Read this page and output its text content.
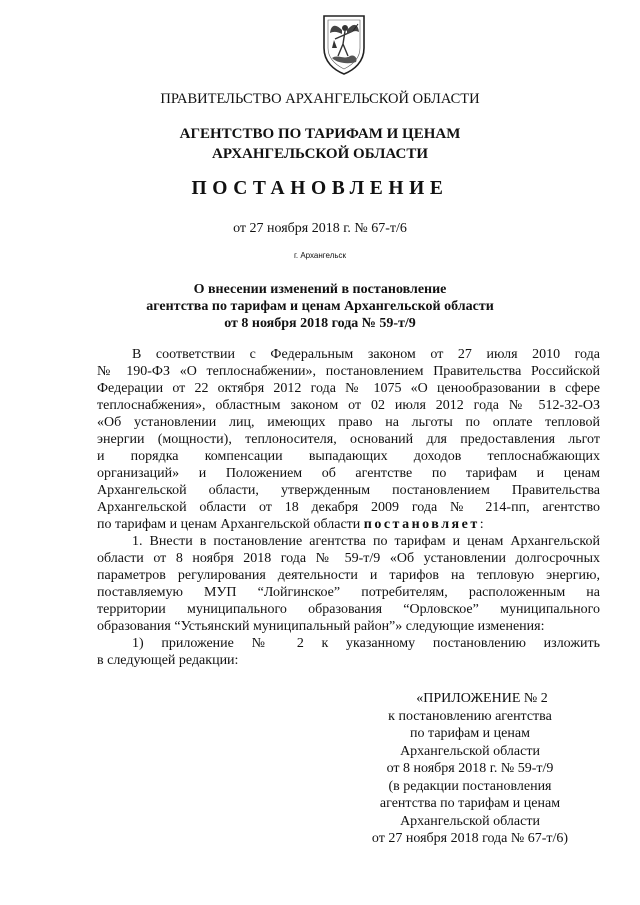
ПРАВИТЕЛЬСТВО АРХАНГЕЛЬСКОЙ ОБЛАСТИ
АГЕНТСТВО ПО ТАРИФАМ И ЦЕНАМ
АРХАНГЕЛЬСКОЙ ОБЛАСТИ
ПОСТАНОВЛЕНИЕ
от 27 ноября 2018 г. № 67-т/6
г. Архангельск
О внесении изменений в постановление
агентства по тарифам и ценам Архангельской области
от 8 ноября 2018 года № 59-т/9
В соответствии с Федеральным законом от 27 июля 2010 года
№ 190-ФЗ «О теплоснабжении», постановлением Правительства Российской
Федерации от 22 октября 2012 года № 1075 «О ценообразовании в сфере
теплоснабжения», областным законом от 02 июля 2012 года № 512-32-ОЗ
«Об установлении лиц, имеющих право на льготы по оплате тепловой
энергии (мощности), теплоносителя, оснований для предоставления льгот
и порядка компенсации выпадающих доходов теплоснабжающих
организаций» и Положением об агентстве по тарифам и ценам
Архангельской области, утвержденным постановлением Правительства
Архангельской области от 18 декабря 2009 года № 214-пп, агентство
по тарифам и ценам Архангельской области постановляет:
1. Внести в постановление агентства по тарифам и ценам Архангельской
области от 8 ноября 2018 года № 59-т/9 «Об установлении долгосрочных
параметров регулирования деятельности и тарифов на тепловую энергию,
поставляемую МУП “Лойгинское” потребителям, расположенным на
территории муниципального образования “Орловское” муниципального
образования “Устьянский муниципальный район”» следующие изменения:
1) приложение № 2 к указанному постановлению изложить
в следующей редакции:
«ПРИЛОЖЕНИЕ № 2
к постановлению агентства
по тарифам и ценам
Архангельской области
от 8 ноября 2018 г. № 59-т/9
(в редакции постановления
агентства по тарифам и ценам
Архангельской области
от 27 ноября 2018 года № 67-т/6)
